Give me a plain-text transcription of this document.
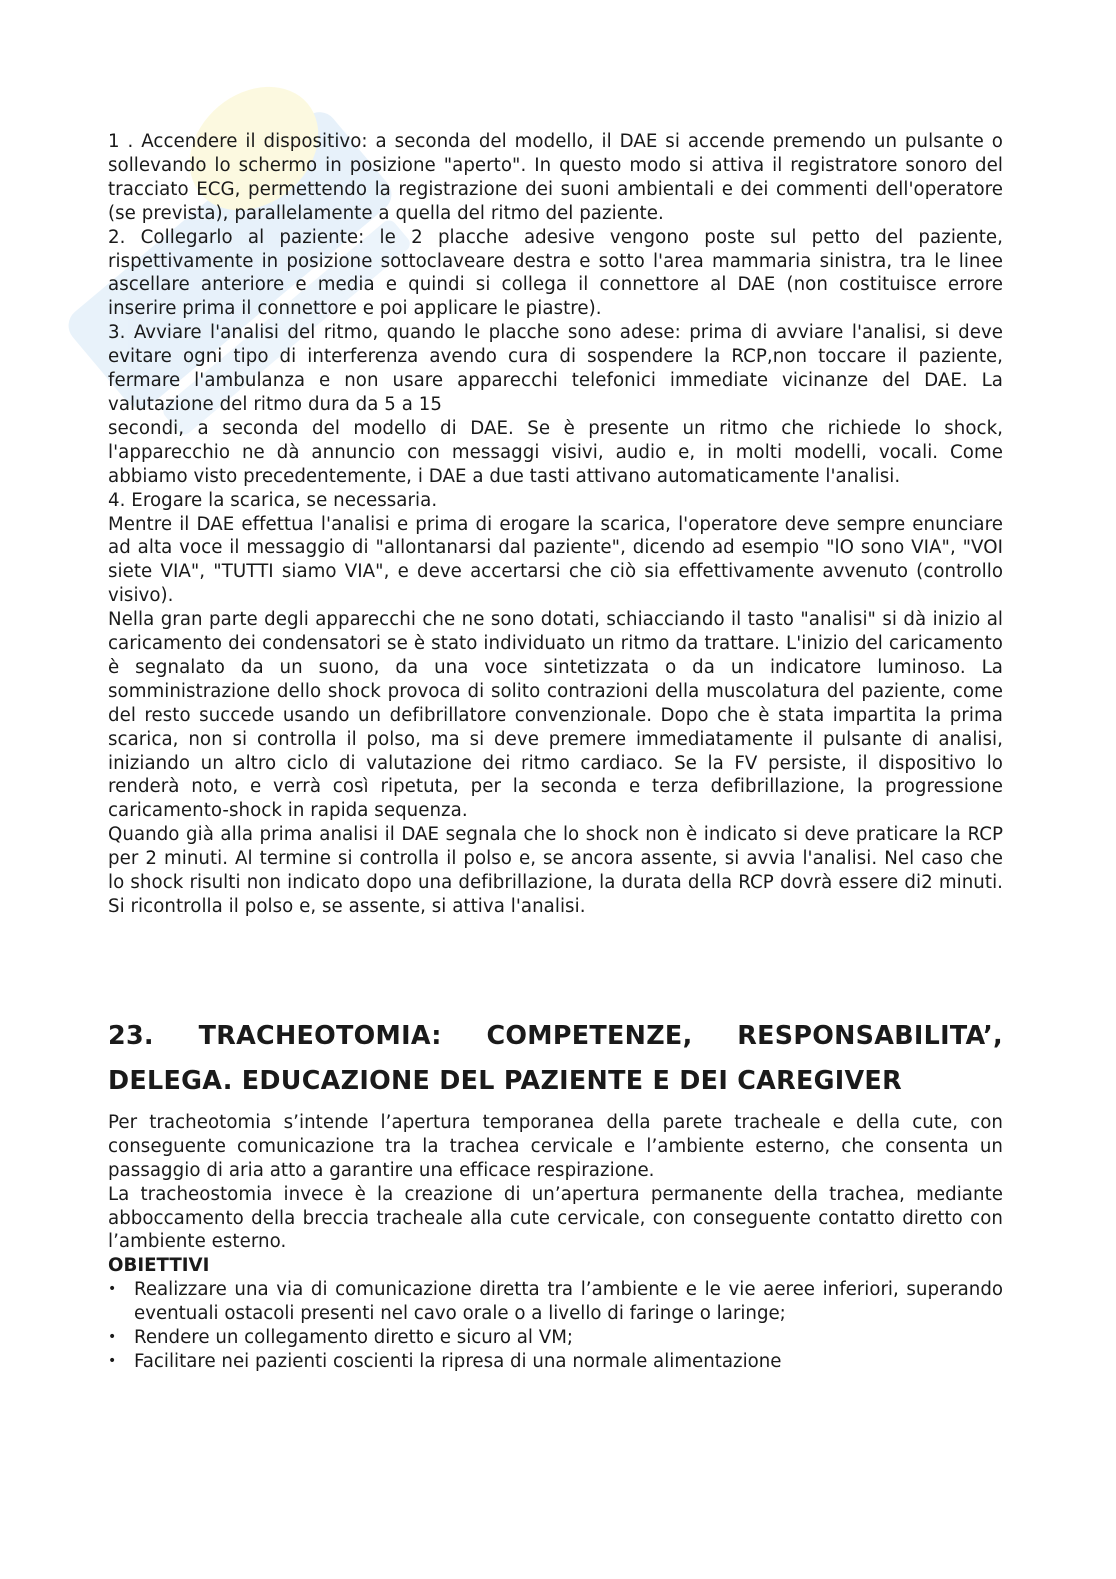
1 . Accendere il dispositivo: a seconda del modello, il DAE si accende premendo un pulsante o sollevando lo schermo in posizione "aperto". In questo modo si attiva il registratore sonoro del tracciato ECG, permettendo la registrazione dei suoni ambientali e dei commenti dell'operatore (se prevista), parallelamente a quella del ritmo del paziente.

2. Collegarlo al paziente: le 2 placche adesive vengono poste sul petto del paziente, rispettivamente in posizione sottoclaveare destra e sotto l'area mammaria sinistra, tra le linee ascellare anteriore e media e quindi si collega il connettore al DAE (non costituisce errore inserire prima il connettore e poi applicare le piastre).

3. Avviare l'analisi del ritmo, quando le placche sono adese: prima di avviare l'analisi, si deve evitare ogni tipo di interferenza avendo cura di sospendere la RCP,non toccare il paziente, fermare l'ambulanza e non usare apparecchi telefonici immediate vicinanze del DAE. La valutazione del ritmo dura da 5 a 15

secondi, a seconda del modello di DAE. Se è presente un ritmo che richiede lo shock, l'apparecchio ne dà annuncio con messaggi visivi, audio e, in molti modelli, vocali. Come abbiamo visto precedentemente, i DAE a due tasti attivano automaticamente l'analisi.

4. Erogare la scarica, se necessaria.

Mentre il DAE effettua l'analisi e prima di erogare la scarica, l'operatore deve sempre enunciare ad alta voce il messaggio di "allontanarsi dal paziente", dicendo ad esempio "lO sono VIA", "VOI siete VIA", "TUTTI siamo VIA", e deve accertarsi che ciò sia effettivamente avvenuto (controllo visivo).

Nella gran parte degli apparecchi che ne sono dotati, schiacciando il tasto "analisi" si dà inizio al caricamento dei condensatori se è stato individuato un ritmo da trattare. L'inizio del caricamento è segnalato da un suono, da una voce sintetizzata o da un indicatore luminoso. La somministrazione dello shock provoca di solito contrazioni della muscolatura del paziente, come del resto succede usando un defibrillatore convenzionale. Dopo che è stata impartita la prima scarica, non si controlla il polso, ma si deve premere immediatamente il pulsante di analisi, iniziando un altro ciclo di valutazione dei ritmo cardiaco. Se la FV persiste, il dispositivo lo renderà noto, e verrà così ripetuta, per la seconda e terza defibrillazione, la progressione caricamento-shock in rapida sequenza.

Quando già alla prima analisi il DAE segnala che lo shock non è indicato si deve praticare la RCP per 2 minuti. Al termine si controlla il polso e, se ancora assente, si avvia l'analisi. Nel caso che lo shock risulti non indicato dopo una defibrillazione, la durata della RCP dovrà essere di2 minuti. Si ricontrolla il polso e, se assente, si attiva l'analisi.

23. TRACHEOTOMIA: COMPETENZE, RESPONSABILITA’, DELEGA. EDUCAZIONE DEL PAZIENTE E DEI CAREGIVER

Per tracheotomia s’intende l’apertura temporanea della parete tracheale e della cute, con conseguente comunicazione tra la trachea cervicale e l’ambiente esterno, che consenta un passaggio di aria atto a garantire una efficace respirazione.

La tracheostomia invece è la creazione di un’apertura permanente della trachea, mediante abboccamento della breccia tracheale alla cute cervicale, con conseguente contatto diretto con l’ambiente esterno.

OBIETTIVI

• Realizzare una via di comunicazione diretta tra l’ambiente e le vie aeree inferiori, superando eventuali ostacoli presenti nel cavo orale o a livello di faringe o laringe;
• Rendere un collegamento diretto e sicuro al VM;
• Facilitare nei pazienti coscienti la ripresa di una normale alimentazione
